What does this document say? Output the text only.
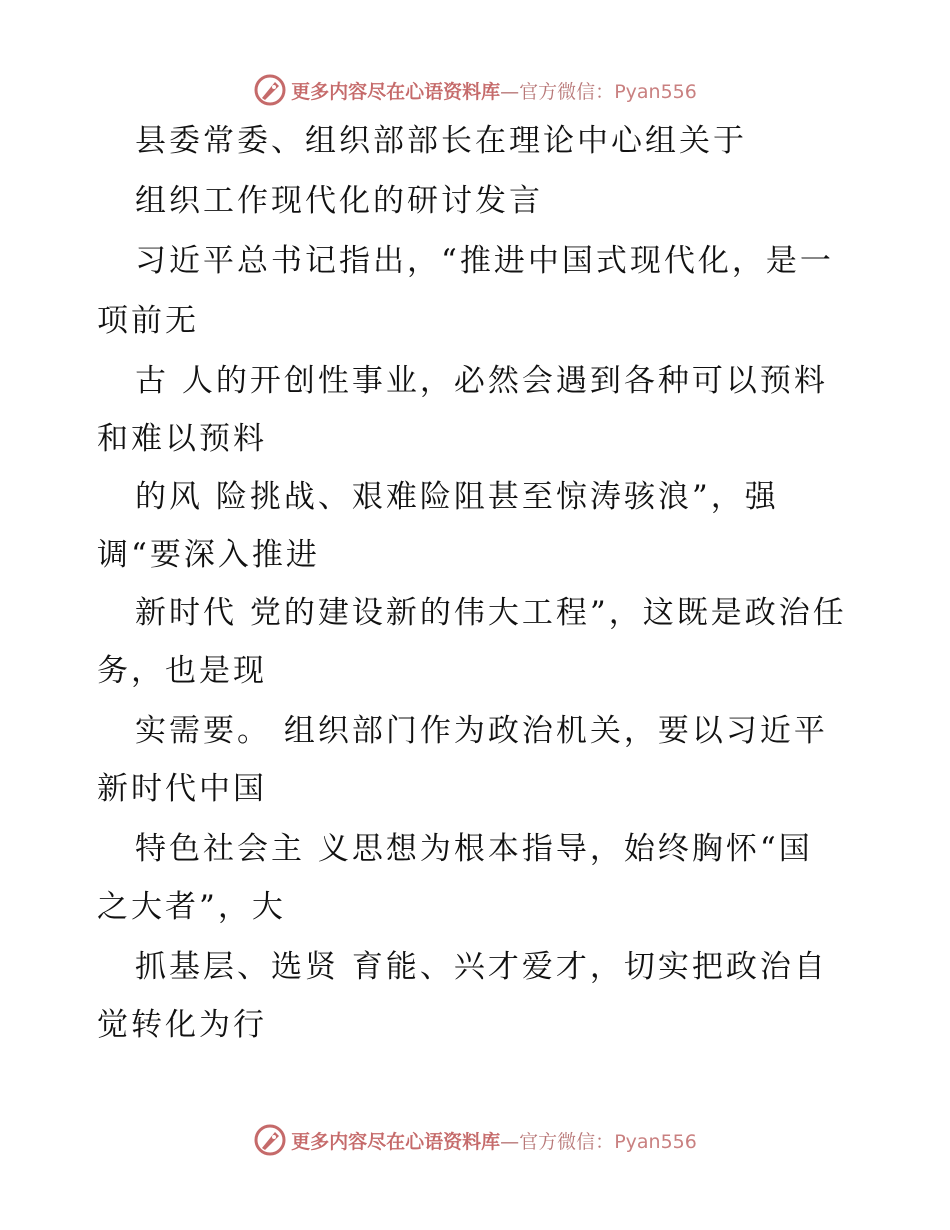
更多内容尽在心语资料库—官方微信：Pyan556
县委常委、组织部部长在理论中心组关于
组织工作现代化的研讨发言
习近平总书记指出，“推进中国式现代化，是一
项前无
古 人的开创性事业，必然会遇到各种可以预料
和难以预料
的风 险挑战、艰难险阻甚至惊涛骇浪”，强
调“要深入推进
新时代 党的建设新的伟大工程”，这既是政治任
务，也是现
实需要。 组织部门作为政治机关，要以习近平
新时代中国
特色社会主 义思想为根本指导，始终胸怀“国
之大者”，大
抓基层、选贤 育能、兴才爱才，切实把政治自
觉转化为行
更多内容尽在心语资料库—官方微信：Pyan556
